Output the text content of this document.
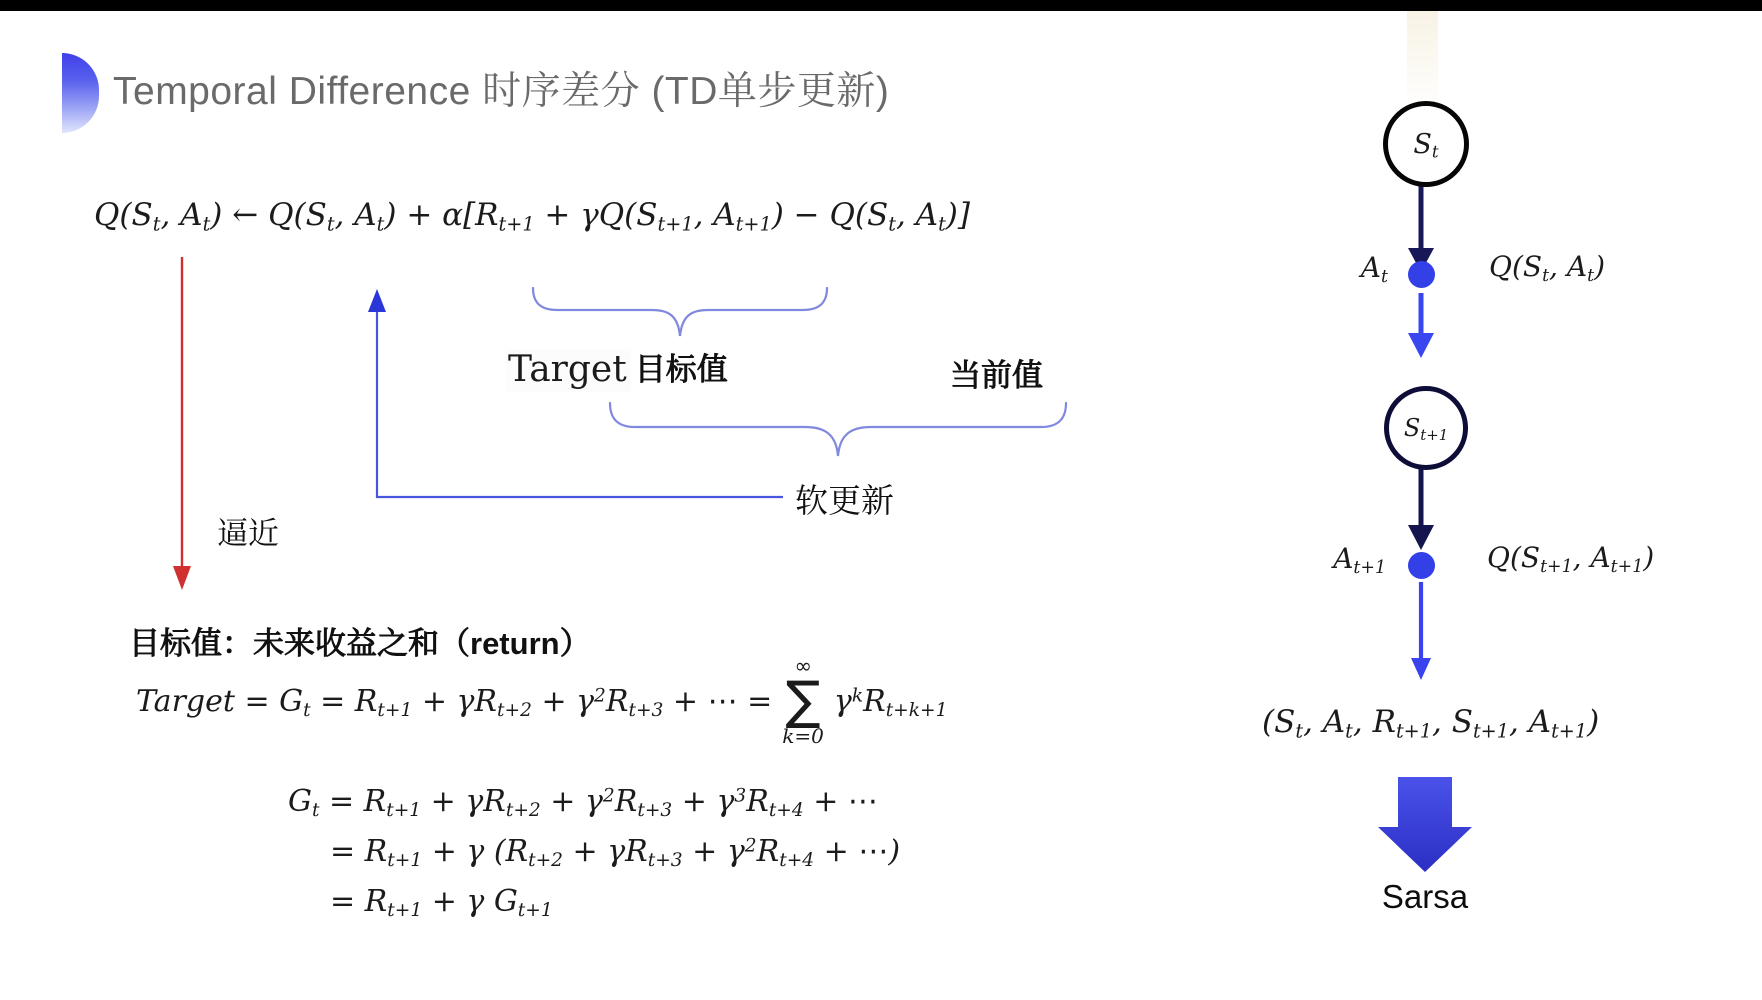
Temporal Difference 时序差分 (TD单步更新)
$Q(S_t$, $A_t$) ← $Q(S_t$, $A_t) + \alpha[R_{t+1} + \gamma Q(S_{t+1}$, $A_{t+1}) - Q(S_t$, $A_t$)]
Target 目标值	当前值
软更新
逼近
目标值：未来收益之和（return）
Target = $G_t = R_{t+1} + \gamma R_{t+2} + \gamma^2R_{t+3}$ + ⋯ =
∞
∑
k=0
$\gamma^kR_{t+k+1}$
$G_t = R_{t+1} + \gamma R_{t+2} + \gamma^2R_{t+3} + \gamma^3R_{t+4}$ + ⋯
= $R_{t+1} + \gamma$ ($R_{t+2} + \gamma R_{t+3} + \gamma^2R_{t+4}$ + ⋯)
= $R_{t+1} + \gamma$ $G_{t+1}$
$S_t$
$A_t$	$Q(S_t$, $A_t$)
$S_{t+1}$
$A_{t+1}$	$Q(S_{t+1}$, $A_{t+1}$)
($S_t$, $A_t$, $R_{t+1}$, $S_{t+1}$, $A_{t+1}$)
Sarsa
